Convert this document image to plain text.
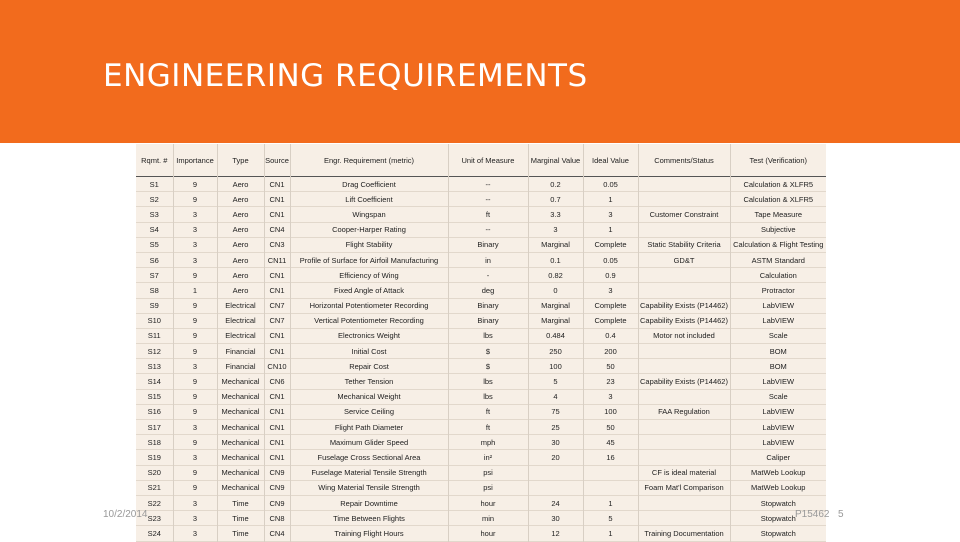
ENGINEERING REQUIREMENTS
Rqmt. #	Importance	Type	Source	Engr. Requirement (metric)	Unit of Measure	Marginal Value	Ideal Value	Comments/Status	Test (Verification)
S1	9	Aero	CN1	Drag Coefficient	--	0.2	0.05		Calculation & XLFR5
S2	9	Aero	CN1	Lift Coefficient	--	0.7	1		Calculation & XLFR5
S3	3	Aero	CN1	Wingspan	ft	3.3	3	Customer Constraint	Tape Measure
S4	3	Aero	CN4	Cooper-Harper Rating	--	3	1		Subjective
S5	3	Aero	CN3	Flight Stability	Binary	Marginal	Complete	Static Stability Criteria	Calculation & Flight Testing
S6	3	Aero	CN11	Profile of Surface for Airfoil Manufacturing	in	0.1	0.05	GD&T	ASTM Standard
S7	9	Aero	CN1	Efficiency of Wing	-	0.82	0.9		Calculation
S8	1	Aero	CN1	Fixed Angle of Attack	deg	0	3		Protractor
S9	9	Electrical	CN7	Horizontal Potentiometer Recording	Binary	Marginal	Complete	Capability Exists (P14462)	LabVIEW
S10	9	Electrical	CN7	Vertical Potentiometer Recording	Binary	Marginal	Complete	Capability Exists (P14462)	LabVIEW
S11	9	Electrical	CN1	Electronics Weight	lbs	0.484	0.4	Motor not included	Scale
S12	9	Financial	CN1	Initial Cost	$	250	200		BOM
S13	3	Financial	CN10	Repair Cost	$	100	50		BOM
S14	9	Mechanical	CN6	Tether Tension	lbs	5	23	Capability Exists (P14462)	LabVIEW
S15	9	Mechanical	CN1	Mechanical Weight	lbs	4	3		Scale
S16	9	Mechanical	CN1	Service Ceiling	ft	75	100	FAA Regulation	LabVIEW
S17	3	Mechanical	CN1	Flight Path Diameter	ft	25	50		LabVIEW
S18	9	Mechanical	CN1	Maximum Glider Speed	mph	30	45		LabVIEW
S19	3	Mechanical	CN1	Fuselage Cross Sectional Area	in²	20	16		Caliper
S20	9	Mechanical	CN9	Fuselage Material Tensile Strength	psi			CF is ideal material	MatWeb Lookup
S21	9	Mechanical	CN9	Wing Material Tensile Strength	psi			Foam Mat'l Comparison	MatWeb Lookup
S22	3	Time	CN9	Repair Downtime	hour	24	1		Stopwatch
S23	3	Time	CN8	Time Between Flights	min	30	5		Stopwatch
S24	3	Time	CN4	Training Flight Hours	hour	12	1	Training Documentation	Stopwatch
10/2/2014	P15462 5
